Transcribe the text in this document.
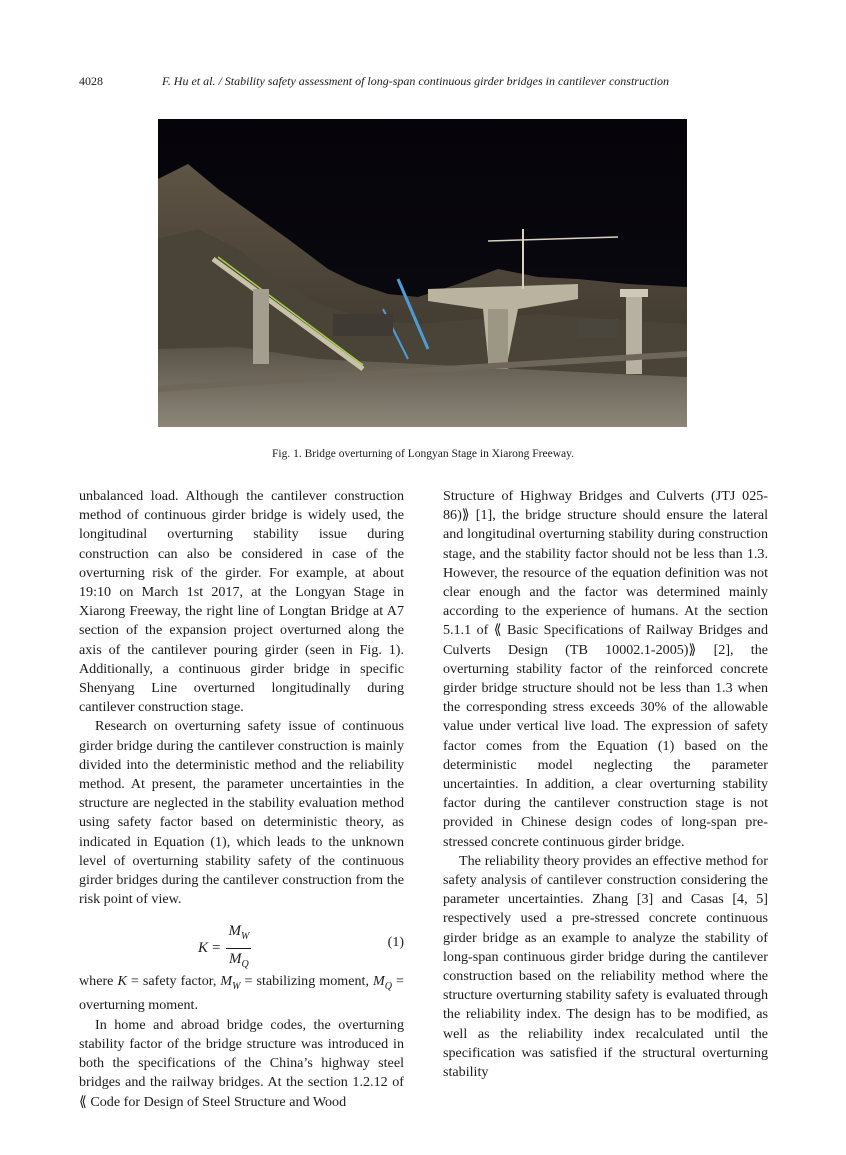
4028	F. Hu et al. / Stability safety assessment of long-span continuous girder bridges in cantilever construction
Fig. 1. Bridge overturning of Longyan Stage in Xiarong Freeway.

unbalanced load. Although the cantilever construction method of continuous girder bridge is widely used, the longitudinal overturning stability issue during construction can also be considered in case of the overturning risk of the girder. For example, at about 19:10 on March 1st 2017, at the Longyan Stage in Xiarong Freeway, the right line of Longtan Bridge at A7 section of the expansion project overturned along the axis of the cantilever pouring girder (seen in Fig. 1). Additionally, a continuous girder bridge in specific Shenyang Line overturned longitudinally during cantilever construction stage.

Research on overturning safety issue of continuous girder bridge during the cantilever construction is mainly divided into the deterministic method and the reliability method. At present, the parameter uncertainties in the structure are neglected in the stability evaluation method using safety factor based on deterministic theory, as indicated in Equation (1), which leads to the unknown level of overturning stability safety of the continuous girder bridges during the cantilever construction from the risk point of view.

$K = \frac{M_W}{M_Q}$	(1)

where K = safety factor, $M_W$ = stabilizing moment, $M_Q$ = overturning moment.

In home and abroad bridge codes, the overturning stability factor of the bridge structure was introduced in both the specifications of the China’s highway steel bridges and the railway bridges. At the section 1.2.12 of ⟪ Code for Design of Steel Structure and Wood

Structure of Highway Bridges and Culverts (JTJ 025-86)⟫ [1], the bridge structure should ensure the lateral and longitudinal overturning stability during construction stage, and the stability factor should not be less than 1.3. However, the resource of the equation definition was not clear enough and the factor was determined mainly according to the experience of humans. At the section 5.1.1 of ⟪ Basic Specifications of Railway Bridges and Culverts Design (TB 10002.1-2005)⟫ [2], the overturning stability factor of the reinforced concrete girder bridge structure should not be less than 1.3 when the corresponding stress exceeds 30% of the allowable value under vertical live load. The expression of safety factor comes from the Equation (1) based on the deterministic model neglecting the parameter uncertainties. In addition, a clear overturning stability factor during the cantilever construction stage is not provided in Chinese design codes of long-span pre-stressed concrete continuous girder bridge.

The reliability theory provides an effective method for safety analysis of cantilever construction considering the parameter uncertainties. Zhang [3] and Casas [4, 5] respectively used a pre-stressed concrete continuous girder bridge as an example to analyze the stability of long-span continuous girder bridge during the cantilever construction based on the reliability method where the structure overturning stability safety is evaluated through the reliability index. The design has to be modified, as well as the reliability index recalculated until the specification was satisfied if the structural overturning stability
